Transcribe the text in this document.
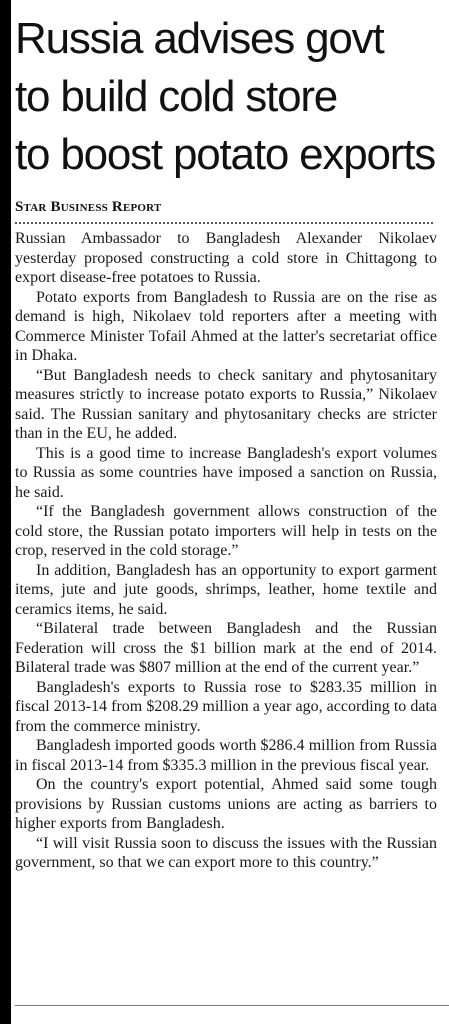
Russia advises govt
to build cold store
to boost potato exports
Star Business Report

Russian Ambassador to Bangladesh Alexander Nikolaev yesterday proposed constructing a cold store in Chittagong to export disease-free potatoes to Russia.

Potato exports from Bangladesh to Russia are on the rise as demand is high, Nikolaev told reporters after a meeting with Commerce Minister Tofail Ahmed at the latter's secretariat office in Dhaka.

“But Bangladesh needs to check sanitary and phytosanitary measures strictly to increase potato exports to Russia,” Nikolaev said. The Russian sanitary and phytosanitary checks are stricter than in the EU, he added.

This is a good time to increase Bangladesh's export volumes to Russia as some countries have imposed a sanction on Russia, he said.

“If the Bangladesh government allows construction of the cold store, the Russian potato importers will help in tests on the crop, reserved in the cold storage.”

In addition, Bangladesh has an opportunity to export garment items, jute and jute goods, shrimps, leather, home textile and ceramics items, he said.

“Bilateral trade between Bangladesh and the Russian Federation will cross the $1 billion mark at the end of 2014. Bilateral trade was $807 million at the end of the current year.”

Bangladesh's exports to Russia rose to $283.35 million in fiscal 2013-14 from $208.29 million a year ago, according to data from the commerce ministry.

Bangladesh imported goods worth $286.4 million from Russia in fiscal 2013-14 from $335.3 million in the previous fiscal year.

On the country's export potential, Ahmed said some tough provisions by Russian customs unions are acting as barriers to higher exports from Bangladesh.

“I will visit Russia soon to discuss the issues with the Russian government, so that we can export more to this country.”
